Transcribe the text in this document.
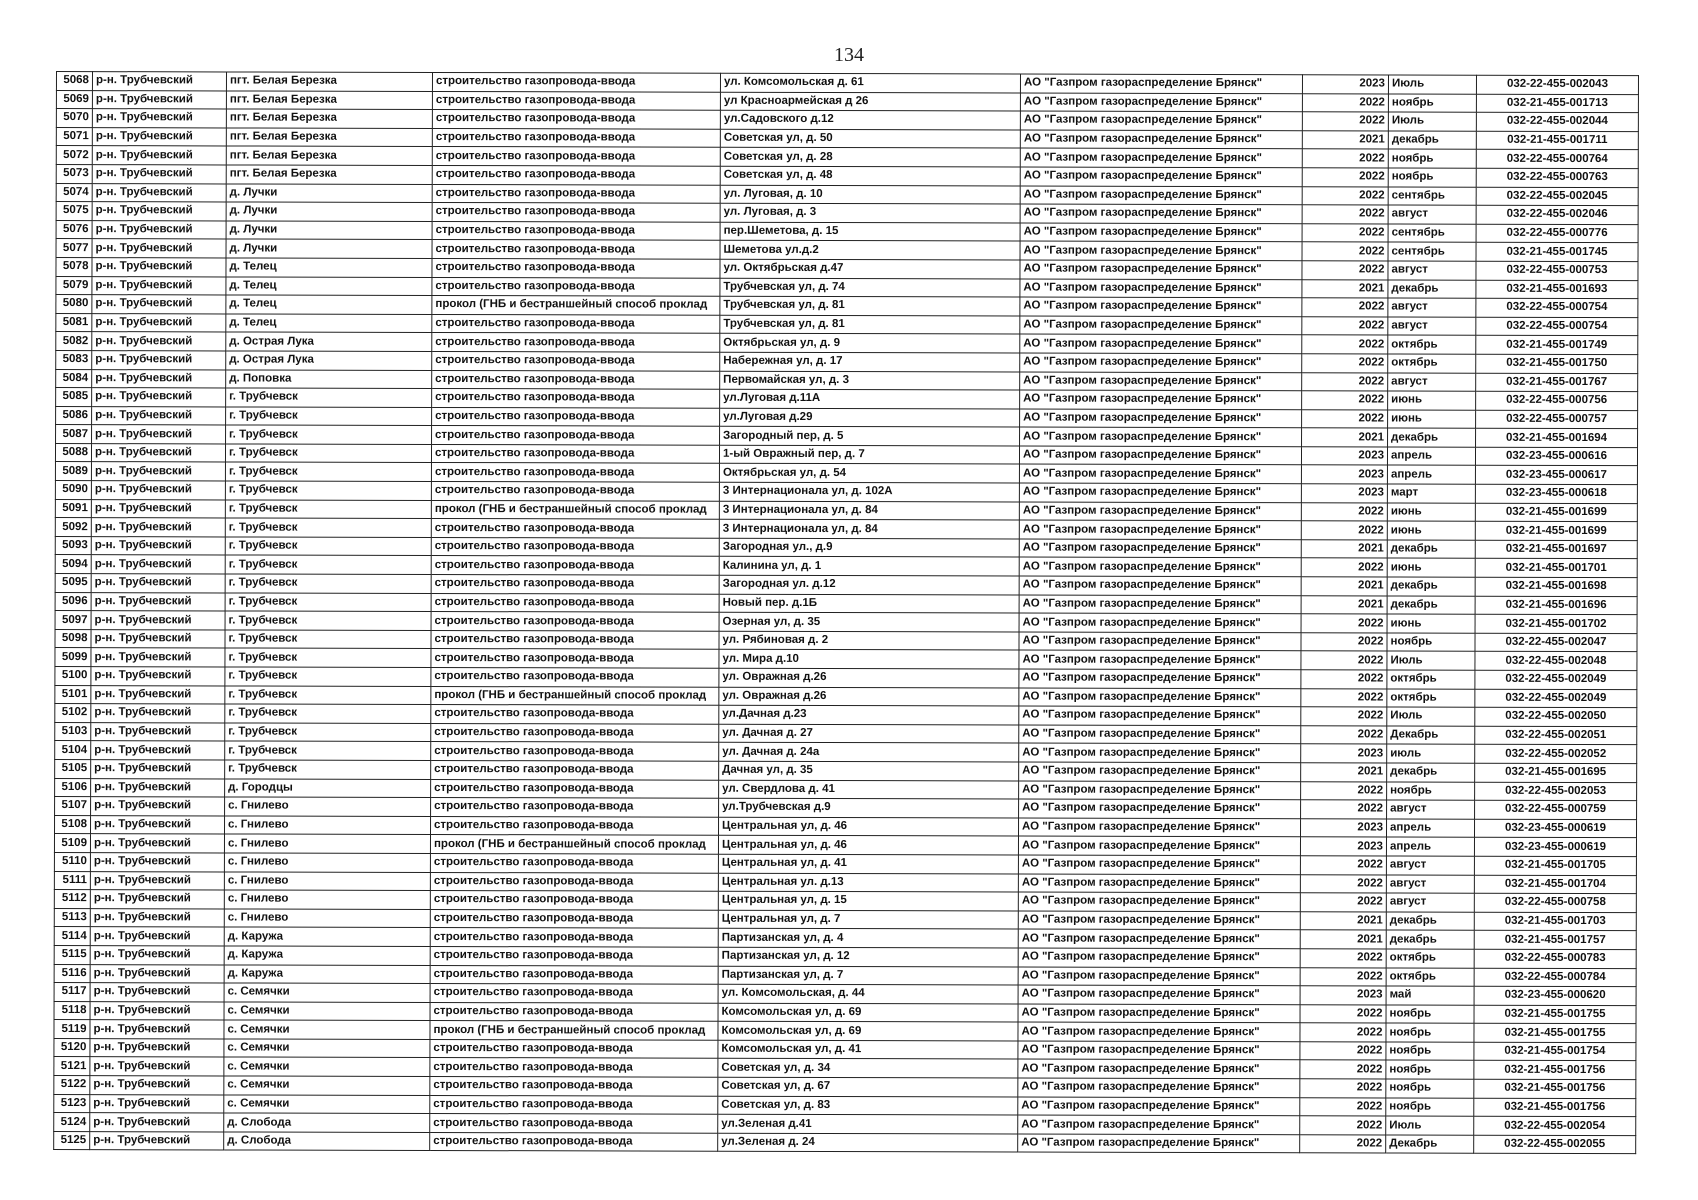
134
5068	р-н. Трубчевский	пгт. Белая Березка	строительство газопровода-ввода	ул. Комсомольская д. 61	АО "Газпром газораспределение Брянск"	2023	Июль	032-22-455-002043
5069	р-н. Трубчевский	пгт. Белая Березка	строительство газопровода-ввода	ул Красноармейская д 26	АО "Газпром газораспределение Брянск"	2022	ноябрь	032-21-455-001713
5070	р-н. Трубчевский	пгт. Белая Березка	строительство газопровода-ввода	ул.Садовского д.12	АО "Газпром газораспределение Брянск"	2022	Июль	032-22-455-002044
5071	р-н. Трубчевский	пгт. Белая Березка	строительство газопровода-ввода	Советская ул, д. 50	АО "Газпром газораспределение Брянск"	2021	декабрь	032-21-455-001711
5072	р-н. Трубчевский	пгт. Белая Березка	строительство газопровода-ввода	Советская ул, д. 28	АО "Газпром газораспределение Брянск"	2022	ноябрь	032-22-455-000764
5073	р-н. Трубчевский	пгт. Белая Березка	строительство газопровода-ввода	Советская ул, д. 48	АО "Газпром газораспределение Брянск"	2022	ноябрь	032-22-455-000763
5074	р-н. Трубчевский	д. Лучки	строительство газопровода-ввода	ул. Луговая, д. 10	АО "Газпром газораспределение Брянск"	2022	сентябрь	032-22-455-002045
5075	р-н. Трубчевский	д. Лучки	строительство газопровода-ввода	ул. Луговая, д. 3	АО "Газпром газораспределение Брянск"	2022	август	032-22-455-002046
5076	р-н. Трубчевский	д. Лучки	строительство газопровода-ввода	пер.Шеметова, д. 15	АО "Газпром газораспределение Брянск"	2022	сентябрь	032-22-455-000776
5077	р-н. Трубчевский	д. Лучки	строительство газопровода-ввода	Шеметова ул.д.2	АО "Газпром газораспределение Брянск"	2022	сентябрь	032-21-455-001745
5078	р-н. Трубчевский	д. Телец	строительство газопровода-ввода	ул. Октябрьская д.47	АО "Газпром газораспределение Брянск"	2022	август	032-22-455-000753
5079	р-н. Трубчевский	д. Телец	строительство газопровода-ввода	Трубчевская ул, д. 74	АО "Газпром газораспределение Брянск"	2021	декабрь	032-21-455-001693
5080	р-н. Трубчевский	д. Телец	прокол (ГНБ и бестраншейный способ проклад	Трубчевская ул, д. 81	АО "Газпром газораспределение Брянск"	2022	август	032-22-455-000754
5081	р-н. Трубчевский	д. Телец	строительство газопровода-ввода	Трубчевская ул, д. 81	АО "Газпром газораспределение Брянск"	2022	август	032-22-455-000754
5082	р-н. Трубчевский	д. Острая Лука	строительство газопровода-ввода	Октябрьская ул, д. 9	АО "Газпром газораспределение Брянск"	2022	октябрь	032-21-455-001749
5083	р-н. Трубчевский	д. Острая Лука	строительство газопровода-ввода	Набережная ул, д. 17	АО "Газпром газораспределение Брянск"	2022	октябрь	032-21-455-001750
5084	р-н. Трубчевский	д. Поповка	строительство газопровода-ввода	Первомайская ул, д. 3	АО "Газпром газораспределение Брянск"	2022	август	032-21-455-001767
5085	р-н. Трубчевский	г. Трубчевск	строительство газопровода-ввода	ул.Луговая д.11А	АО "Газпром газораспределение Брянск"	2022	июнь	032-22-455-000756
5086	р-н. Трубчевский	г. Трубчевск	строительство газопровода-ввода	ул.Луговая д.29	АО "Газпром газораспределение Брянск"	2022	июнь	032-22-455-000757
5087	р-н. Трубчевский	г. Трубчевск	строительство газопровода-ввода	Загородный пер, д. 5	АО "Газпром газораспределение Брянск"	2021	декабрь	032-21-455-001694
5088	р-н. Трубчевский	г. Трубчевск	строительство газопровода-ввода	1-ый Овражный пер, д. 7	АО "Газпром газораспределение Брянск"	2023	апрель	032-23-455-000616
5089	р-н. Трубчевский	г. Трубчевск	строительство газопровода-ввода	Октябрьская ул, д. 54	АО "Газпром газораспределение Брянск"	2023	апрель	032-23-455-000617
5090	р-н. Трубчевский	г. Трубчевск	строительство газопровода-ввода	3 Интернационала ул, д. 102А	АО "Газпром газораспределение Брянск"	2023	март	032-23-455-000618
5091	р-н. Трубчевский	г. Трубчевск	прокол (ГНБ и бестраншейный способ проклад	3 Интернационала ул, д. 84	АО "Газпром газораспределение Брянск"	2022	июнь	032-21-455-001699
5092	р-н. Трубчевский	г. Трубчевск	строительство газопровода-ввода	3 Интернационала ул, д. 84	АО "Газпром газораспределение Брянск"	2022	июнь	032-21-455-001699
5093	р-н. Трубчевский	г. Трубчевск	строительство газопровода-ввода	Загородная ул., д.9	АО "Газпром газораспределение Брянск"	2021	декабрь	032-21-455-001697
5094	р-н. Трубчевский	г. Трубчевск	строительство газопровода-ввода	Калинина ул, д. 1	АО "Газпром газораспределение Брянск"	2022	июнь	032-21-455-001701
5095	р-н. Трубчевский	г. Трубчевск	строительство газопровода-ввода	Загородная ул. д.12	АО "Газпром газораспределение Брянск"	2021	декабрь	032-21-455-001698
5096	р-н. Трубчевский	г. Трубчевск	строительство газопровода-ввода	Новый пер. д.1Б	АО "Газпром газораспределение Брянск"	2021	декабрь	032-21-455-001696
5097	р-н. Трубчевский	г. Трубчевск	строительство газопровода-ввода	Озерная ул, д. 35	АО "Газпром газораспределение Брянск"	2022	июнь	032-21-455-001702
5098	р-н. Трубчевский	г. Трубчевск	строительство газопровода-ввода	ул. Рябиновая д. 2	АО "Газпром газораспределение Брянск"	2022	ноябрь	032-22-455-002047
5099	р-н. Трубчевский	г. Трубчевск	строительство газопровода-ввода	ул. Мира д.10	АО "Газпром газораспределение Брянск"	2022	Июль	032-22-455-002048
5100	р-н. Трубчевский	г. Трубчевск	строительство газопровода-ввода	ул. Овражная д.26	АО "Газпром газораспределение Брянск"	2022	октябрь	032-22-455-002049
5101	р-н. Трубчевский	г. Трубчевск	прокол (ГНБ и бестраншейный способ проклад	ул. Овражная д.26	АО "Газпром газораспределение Брянск"	2022	октябрь	032-22-455-002049
5102	р-н. Трубчевский	г. Трубчевск	строительство газопровода-ввода	ул.Дачная д.23	АО "Газпром газораспределение Брянск"	2022	Июль	032-22-455-002050
5103	р-н. Трубчевский	г. Трубчевск	строительство газопровода-ввода	ул. Дачная д. 27	АО "Газпром газораспределение Брянск"	2022	Декабрь	032-22-455-002051
5104	р-н. Трубчевский	г. Трубчевск	строительство газопровода-ввода	ул. Дачная д. 24а	АО "Газпром газораспределение Брянск"	2023	июль	032-22-455-002052
5105	р-н. Трубчевский	г. Трубчевск	строительство газопровода-ввода	Дачная ул, д. 35	АО "Газпром газораспределение Брянск"	2021	декабрь	032-21-455-001695
5106	р-н. Трубчевский	д. Городцы	строительство газопровода-ввода	ул. Свердлова д. 41	АО "Газпром газораспределение Брянск"	2022	ноябрь	032-22-455-002053
5107	р-н. Трубчевский	с. Гнилево	строительство газопровода-ввода	ул.Трубчевская д.9	АО "Газпром газораспределение Брянск"	2022	август	032-22-455-000759
5108	р-н. Трубчевский	с. Гнилево	строительство газопровода-ввода	Центральная ул, д. 46	АО "Газпром газораспределение Брянск"	2023	апрель	032-23-455-000619
5109	р-н. Трубчевский	с. Гнилево	прокол (ГНБ и бестраншейный способ проклад	Центральная ул, д. 46	АО "Газпром газораспределение Брянск"	2023	апрель	032-23-455-000619
5110	р-н. Трубчевский	с. Гнилево	строительство газопровода-ввода	Центральная ул, д. 41	АО "Газпром газораспределение Брянск"	2022	август	032-21-455-001705
5111	р-н. Трубчевский	с. Гнилево	строительство газопровода-ввода	Центральная ул. д.13	АО "Газпром газораспределение Брянск"	2022	август	032-21-455-001704
5112	р-н. Трубчевский	с. Гнилево	строительство газопровода-ввода	Центральная ул, д. 15	АО "Газпром газораспределение Брянск"	2022	август	032-22-455-000758
5113	р-н. Трубчевский	с. Гнилево	строительство газопровода-ввода	Центральная ул, д. 7	АО "Газпром газораспределение Брянск"	2021	декабрь	032-21-455-001703
5114	р-н. Трубчевский	д. Каружа	строительство газопровода-ввода	Партизанская ул, д. 4	АО "Газпром газораспределение Брянск"	2021	декабрь	032-21-455-001757
5115	р-н. Трубчевский	д. Каружа	строительство газопровода-ввода	Партизанская ул, д. 12	АО "Газпром газораспределение Брянск"	2022	октябрь	032-22-455-000783
5116	р-н. Трубчевский	д. Каружа	строительство газопровода-ввода	Партизанская ул, д. 7	АО "Газпром газораспределение Брянск"	2022	октябрь	032-22-455-000784
5117	р-н. Трубчевский	с. Семячки	строительство газопровода-ввода	ул. Комсомольская, д. 44	АО "Газпром газораспределение Брянск"	2023	май	032-23-455-000620
5118	р-н. Трубчевский	с. Семячки	строительство газопровода-ввода	Комсомольская ул, д. 69	АО "Газпром газораспределение Брянск"	2022	ноябрь	032-21-455-001755
5119	р-н. Трубчевский	с. Семячки	прокол (ГНБ и бестраншейный способ проклад	Комсомольская ул, д. 69	АО "Газпром газораспределение Брянск"	2022	ноябрь	032-21-455-001755
5120	р-н. Трубчевский	с. Семячки	строительство газопровода-ввода	Комсомольская ул, д. 41	АО "Газпром газораспределение Брянск"	2022	ноябрь	032-21-455-001754
5121	р-н. Трубчевский	с. Семячки	строительство газопровода-ввода	Советская ул, д. 34	АО "Газпром газораспределение Брянск"	2022	ноябрь	032-21-455-001756
5122	р-н. Трубчевский	с. Семячки	строительство газопровода-ввода	Советская ул, д. 67	АО "Газпром газораспределение Брянск"	2022	ноябрь	032-21-455-001756
5123	р-н. Трубчевский	с. Семячки	строительство газопровода-ввода	Советская ул, д. 83	АО "Газпром газораспределение Брянск"	2022	ноябрь	032-21-455-001756
5124	р-н. Трубчевский	д. Слобода	строительство газопровода-ввода	ул.Зеленая д.41	АО "Газпром газораспределение Брянск"	2022	Июль	032-22-455-002054
5125	р-н. Трубчевский	д. Слобода	строительство газопровода-ввода	ул.Зеленая д. 24	АО "Газпром газораспределение Брянск"	2022	Декабрь	032-22-455-002055
